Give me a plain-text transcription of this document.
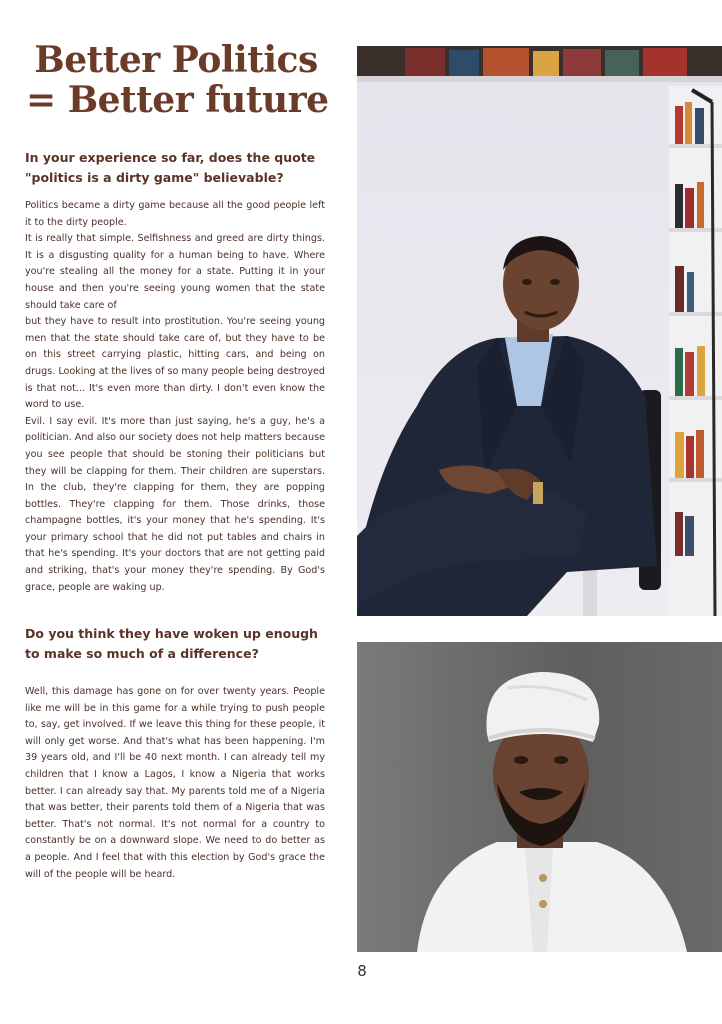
Better Politics
= Better future
In your experience so far, does the quote "politics is a dirty game" believable?

Politics became a dirty game because all the good people left it to the dirty people.

It is really that simple. Selfishness and greed are dirty things. It is a disgusting quality for a human being to have. Where you're stealing all the money for a state. Putting it in your house and then you're seeing young women that the state should take care of

but they have to result into prostitution. You're seeing young men that the state should take care of, but they have to be on this street carrying plastic, hitting cars, and being on drugs. Looking at the lives of so many people being destroyed is that not... It's even more than dirty. I don't even know the word to use.

Evil. I say evil. It's more than just saying, he's a guy, he's a politician. And also our society does not help matters because you see people that should be stoning their politicians but they will be clapping for them. Their children are superstars. In the club, they're clapping for them, they are popping bottles. They're clapping for them. Those drinks, those champagne bottles, it's your money that he's spending. It's your primary school that he did not put tables and chairs in that he's spending. It's your doctors that are not getting paid and striking, that's your money they're spending. By God's grace, people are waking up.

Do you think they have woken up enough to make so much of a difference?

Well, this damage has gone on for over twenty years. People like me will be in this game for a while trying to push people to, say, get involved. If we leave this thing for these people, it will only get worse. And that's what has been happening. I'm 39 years old, and I'll be 40 next month. I can already tell my children that I know a Lagos, I know a Nigeria that works better. I can already say that. My parents told me of a Nigeria that was better, their parents told them of a Nigeria that was better. That's not normal. It's not normal for a country to constantly be on a downward slope. We need to do better as a people. And I feel that with this election by God's grace the will of the people will be heard.

8
